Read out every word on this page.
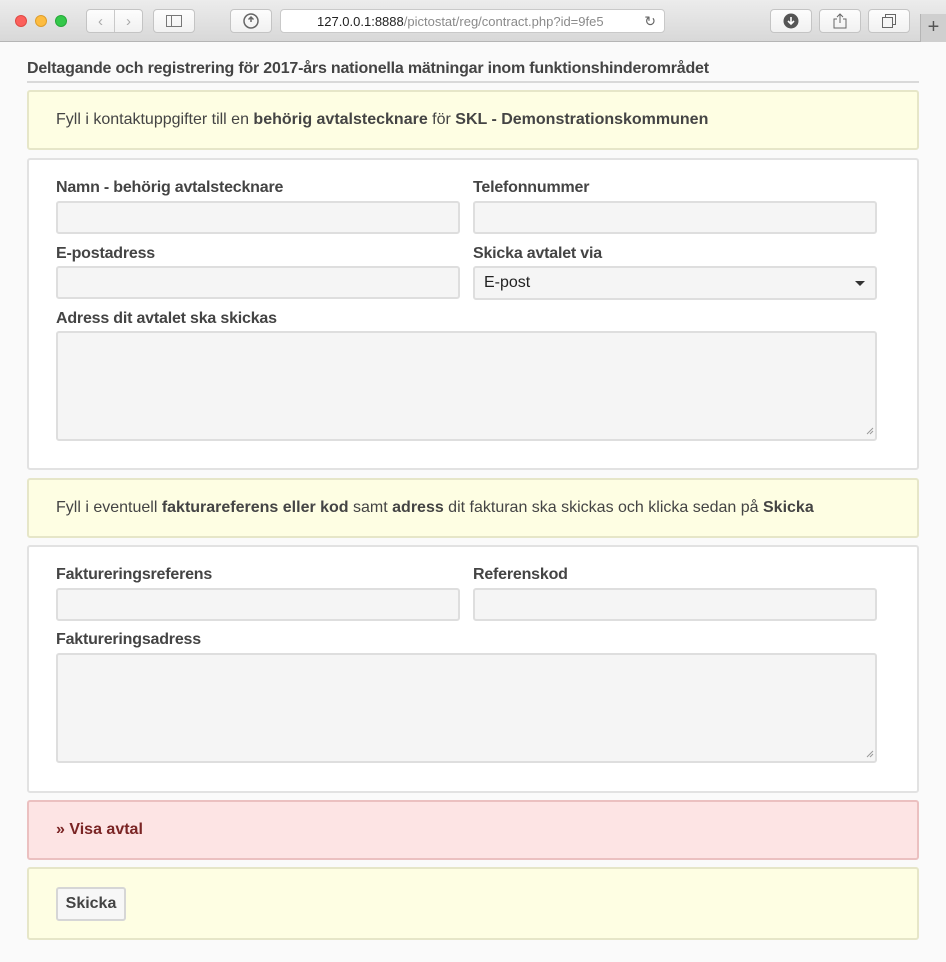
‹	›	127.0.0.1:8888 /pictostat/reg/contract.php?id=9fe5	↻	+
Deltagande och registrering för 2017-års nationella mätningar inom funktionshinderområdet
Fyll i kontaktuppgifter till en behörig avtalstecknare för SKL - Demonstrationskommunen
Namn - behörig avtalstecknare	Telefonnummer
E-postadress	Skicka avtalet via
E-post
Adress dit avtalet ska skickas
Fyll i eventuell fakturareferens eller kod samt adress dit fakturan ska skickas och klicka sedan på Skicka
Faktureringsreferens	Referenskod
Faktureringsadress
» Visa avtal
Skicka
